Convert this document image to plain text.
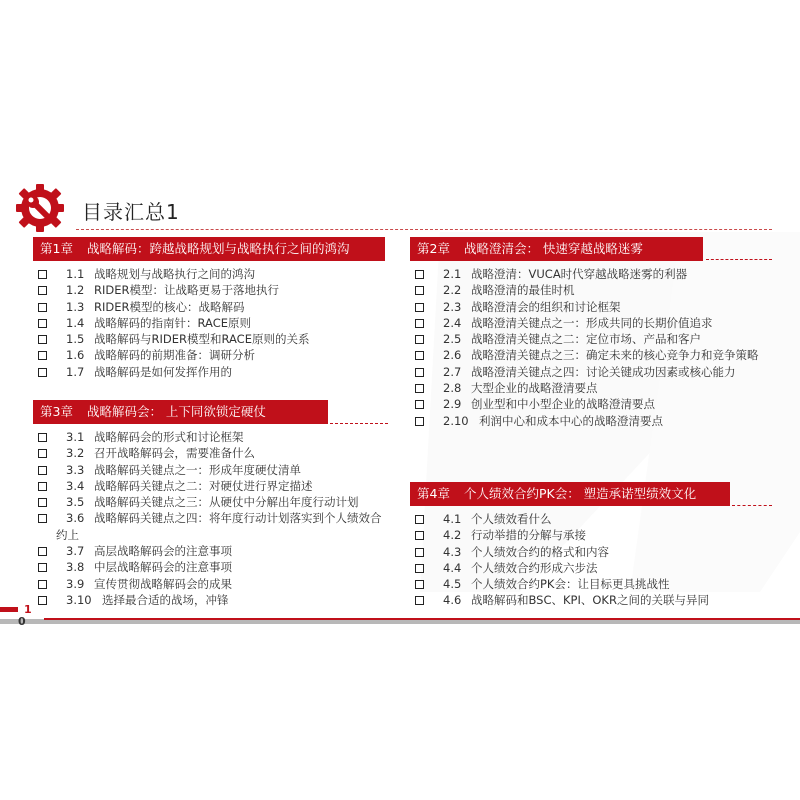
目录汇总1
第1章 战略解码：跨越战略规划与战略执行之间的鸿沟
1.1 战略规划与战略执行之间的鸿沟
1.2 RIDER模型：让战略更易于落地执行
1.3 RIDER模型的核心：战略解码
1.4 战略解码的指南针：RACE原则
1.5 战略解码与RIDER模型和RACE原则的关系
1.6 战略解码的前期准备：调研分析
1.7 战略解码是如何发挥作用的
第2章 战略澄清会： 快速穿越战略迷雾
2.1 战略澄清：VUCA时代穿越战略迷雾的利器
2.2 战略澄清的最佳时机
2.3 战略澄清会的组织和讨论框架
2.4 战略澄清关键点之一：形成共同的长期价值追求
2.5 战略澄清关键点之二：定位市场、产品和客户
2.6 战略澄清关键点之三：确定未来的核心竞争力和竞争策略
2.7 战略澄清关键点之四：讨论关键成功因素或核心能力
2.8 大型企业的战略澄清要点
2.9 创业型和中小型企业的战略澄清要点
2.10 利润中心和成本中心的战略澄清要点
第3章 战略解码会： 上下同欲锁定硬仗
3.1 战略解码会的形式和讨论框架
3.2 召开战略解码会，需要准备什么
3.3 战略解码关键点之一：形成年度硬仗清单
3.4 战略解码关键点之二：对硬仗进行界定描述
3.5 战略解码关键点之三：从硬仗中分解出年度行动计划
3.6 战略解码关键点之四：将年度行动计划落实到个人绩效合约上
3.7 高层战略解码会的注意事项
3.8 中层战略解码会的注意事项
3.9 宣传贯彻战略解码会的成果
3.10 选择最合适的战场，冲锋
第4章 个人绩效合约PK会： 塑造承诺型绩效文化
4.1 个人绩效看什么
4.2 行动举措的分解与承接
4.3 个人绩效合约的格式和内容
4.4 个人绩效合约形成六步法
4.5 个人绩效合约PK会：让目标更具挑战性
4.6 战略解码和BSC、KPI、OKR之间的关联与异同
1
0
